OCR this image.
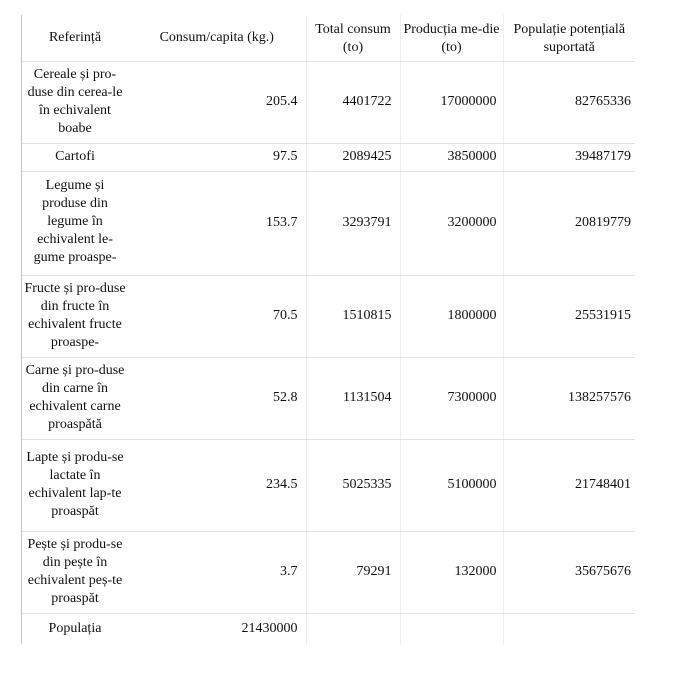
Referință	Consum/capita (kg.)	Total consum (to)	Producția me-die (to)	Populație potențială suportată
Cereale și pro-duse din cerea-le în echivalent boabe	205.4	4401722	17000000	82765336
Cartofi	97.5	2089425	3850000	39487179

Legume și produse din legume în echivalent le-gume proaspe-	153.7	3293791	3200000	20819779

Fructe și pro-duse din fructe în echivalent fructe proaspe-	70.5	1510815	1800000	25531915
Carne și pro-duse din carne în echivalent carne proaspătă	52.8	1131504	7300000	138257576
Lapte și produ-se lactate în echivalent lap-te proaspăt	234.5	5025335	5100000	21748401
Pește și produ-se din pește în echivalent peș-te proaspăt	3.7	79291	132000	35675676
Populația	21430000			
